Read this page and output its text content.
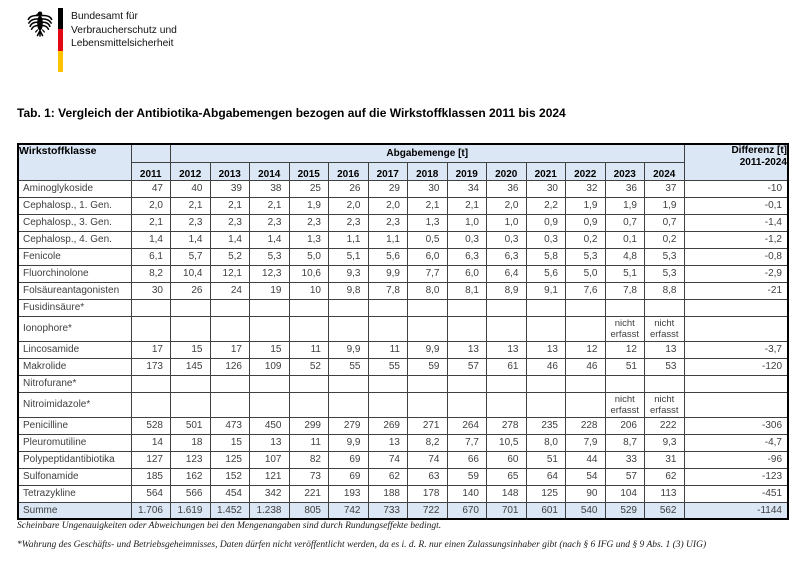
Bundesamt für
Verbraucherschutz und
Lebensmittelsicherheit
Tab. 1: Vergleich der Antibiotika-Abgabemengen bezogen auf die Wirkstoffklassen 2011 bis 2024
Wirkstoffklasse		Abgabemenge [t]													Differenz [t]
2011-2024

	2011	2012	2013	2014	2015	2016	2017	2018	2019	2020	2021	2022	2023	2024	
Aminoglykoside	47	40	39	38	25	26	29	30	34	36	30	32	36	37	-10
Cephalosp., 1. Gen.	2,0	2,1	2,1	2,1	1,9	2,0	2,0	2,1	2,1	2,0	2,2	1,9	1,9	1,9	-0,1
Cephalosp., 3. Gen.	2,1	2,3	2,3	2,3	2,3	2,3	2,3	1,3	1,0	1,0	0,9	0,9	0,7	0,7	-1,4
Cephalosp., 4. Gen.	1,4	1,4	1,4	1,4	1,3	1,1	1,1	0,5	0,3	0,3	0,3	0,2	0,1	0,2	-1,2
Fenicole	6,1	5,7	5,2	5,3	5,0	5,1	5,6	6,0	6,3	6,3	5,8	5,3	4,8	5,3	-0,8
Fluorchinolone	8,2	10,4	12,1	12,3	10,6	9,3	9,9	7,7	6,0	6,4	5,6	5,0	5,1	5,3	-2,9
Folsäureantagonisten	30	26	24	19	10	9,8	7,8	8,0	8,1	8,9	9,1	7,6	7,8	8,8	-21
Fusidinsäure*															
Ionophore*													nicht erfasst	nicht erfasst	
Lincosamide	17	15	17	15	11	9,9	11	9,9	13	13	13	12	12	13	-3,7
Makrolide	173	145	126	109	52	55	55	59	57	61	46	46	51	53	-120
Nitrofurane*															
Nitroimidazole*													nicht erfasst	nicht erfasst	
Penicilline	528	501	473	450	299	279	269	271	264	278	235	228	206	222	-306
Pleuromutiline	14	18	15	13	11	9,9	13	8,2	7,7	10,5	8,0	7,9	8,7	9,3	-4,7
Polypeptidantibiotika	127	123	125	107	82	69	74	74	66	60	51	44	33	31	-96
Sulfonamide	185	162	152	121	73	69	62	63	59	65	64	54	57	62	-123
Tetrazykline	564	566	454	342	221	193	188	178	140	148	125	90	104	113	-451
Summe	1.706	1.619	1.452	1.238	805	742	733	722	670	701	601	540	529	562	-1144

Scheinbare Ungenauigkeiten oder Abweichungen bei den Mengenangaben sind durch Rundungseffekte bedingt.

*Wahrung des Geschäfts- und Betriebsgeheimnisses, Daten dürfen nicht veröffentlicht werden, da es i. d. R. nur einen Zulassungsinhaber gibt (nach § 6 IFG und § 9 Abs. 1 (3) UIG)
